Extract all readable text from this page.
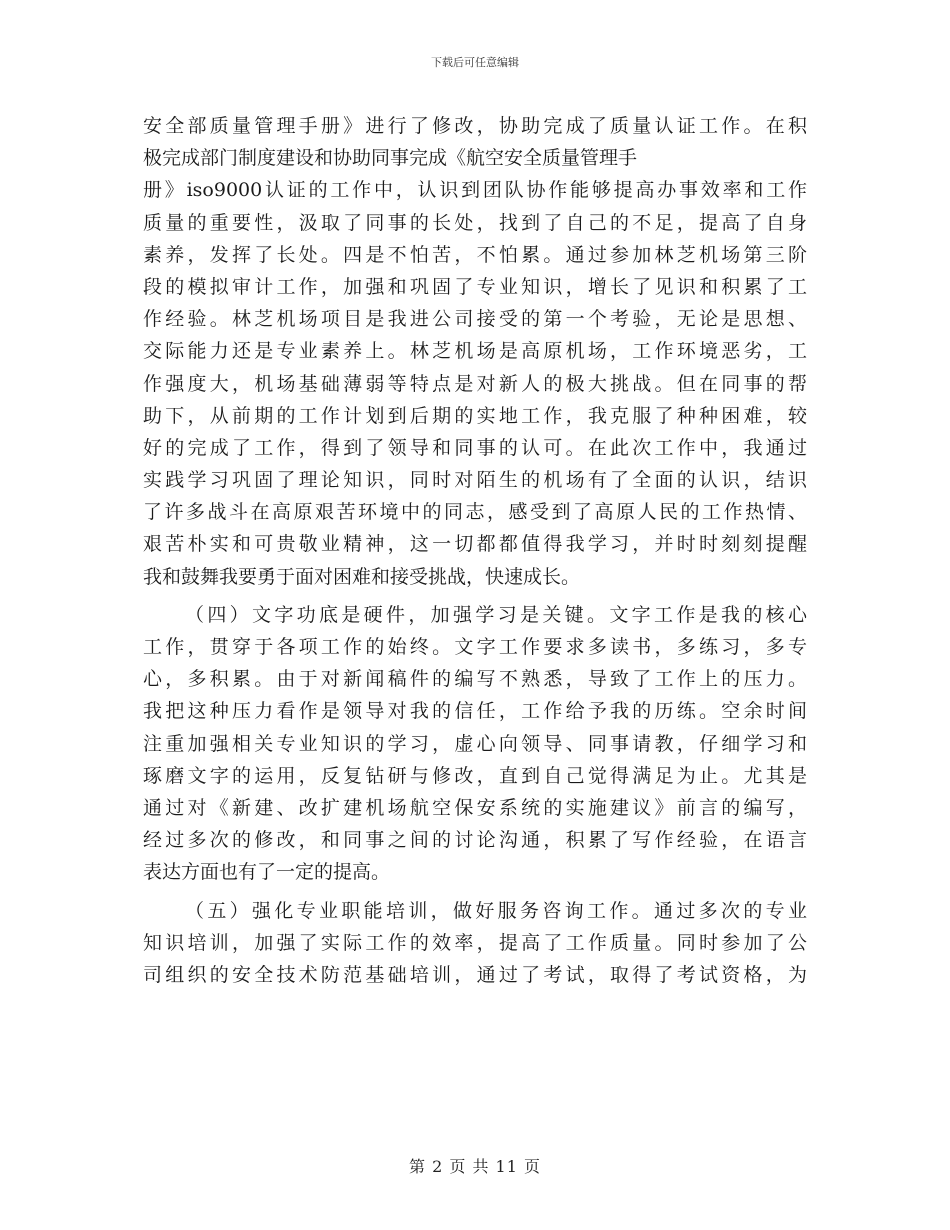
下载后可任意编辑
安全部质量管理手册》进行了修改，协助完成了质量认证工作。在积
极完成部门制度建设和协助同事完成《航空安全质量管理手
册》iso9000认证的工作中，认识到团队协作能够提高办事效率和工作
质量的重要性，汲取了同事的长处，找到了自己的不足，提高了自身
素养，发挥了长处。四是不怕苦，不怕累。通过参加林芝机场第三阶
段的模拟审计工作，加强和巩固了专业知识，增长了见识和积累了工
作经验。林芝机场项目是我进公司接受的第一个考验，无论是思想、
交际能力还是专业素养上。林芝机场是高原机场，工作环境恶劣，工
作强度大，机场基础薄弱等特点是对新人的极大挑战。但在同事的帮
助下，从前期的工作计划到后期的实地工作，我克服了种种困难，较
好的完成了工作，得到了领导和同事的认可。在此次工作中，我通过
实践学习巩固了理论知识，同时对陌生的机场有了全面的认识，结识
了许多战斗在高原艰苦环境中的同志，感受到了高原人民的工作热情、
艰苦朴实和可贵敬业精神，这一切都都值得我学习，并时时刻刻提醒
我和鼓舞我要勇于面对困难和接受挑战，快速成长。
（四）文字功底是硬件，加强学习是关键。文字工作是我的核心
工作，贯穿于各项工作的始终。文字工作要求多读书，多练习，多专
心，多积累。由于对新闻稿件的编写不熟悉，导致了工作上的压力。
我把这种压力看作是领导对我的信任，工作给予我的历练。空余时间
注重加强相关专业知识的学习，虚心向领导、同事请教，仔细学习和
琢磨文字的运用，反复钻研与修改，直到自己觉得满足为止。尤其是
通过对《新建、改扩建机场航空保安系统的实施建议》前言的编写，
经过多次的修改，和同事之间的讨论沟通，积累了写作经验，在语言
表达方面也有了一定的提高。
（五）强化专业职能培训，做好服务咨询工作。通过多次的专业
知识培训，加强了实际工作的效率，提高了工作质量。同时参加了公
司组织的安全技术防范基础培训，通过了考试，取得了考试资格，为
第 2 页 共 11 页
